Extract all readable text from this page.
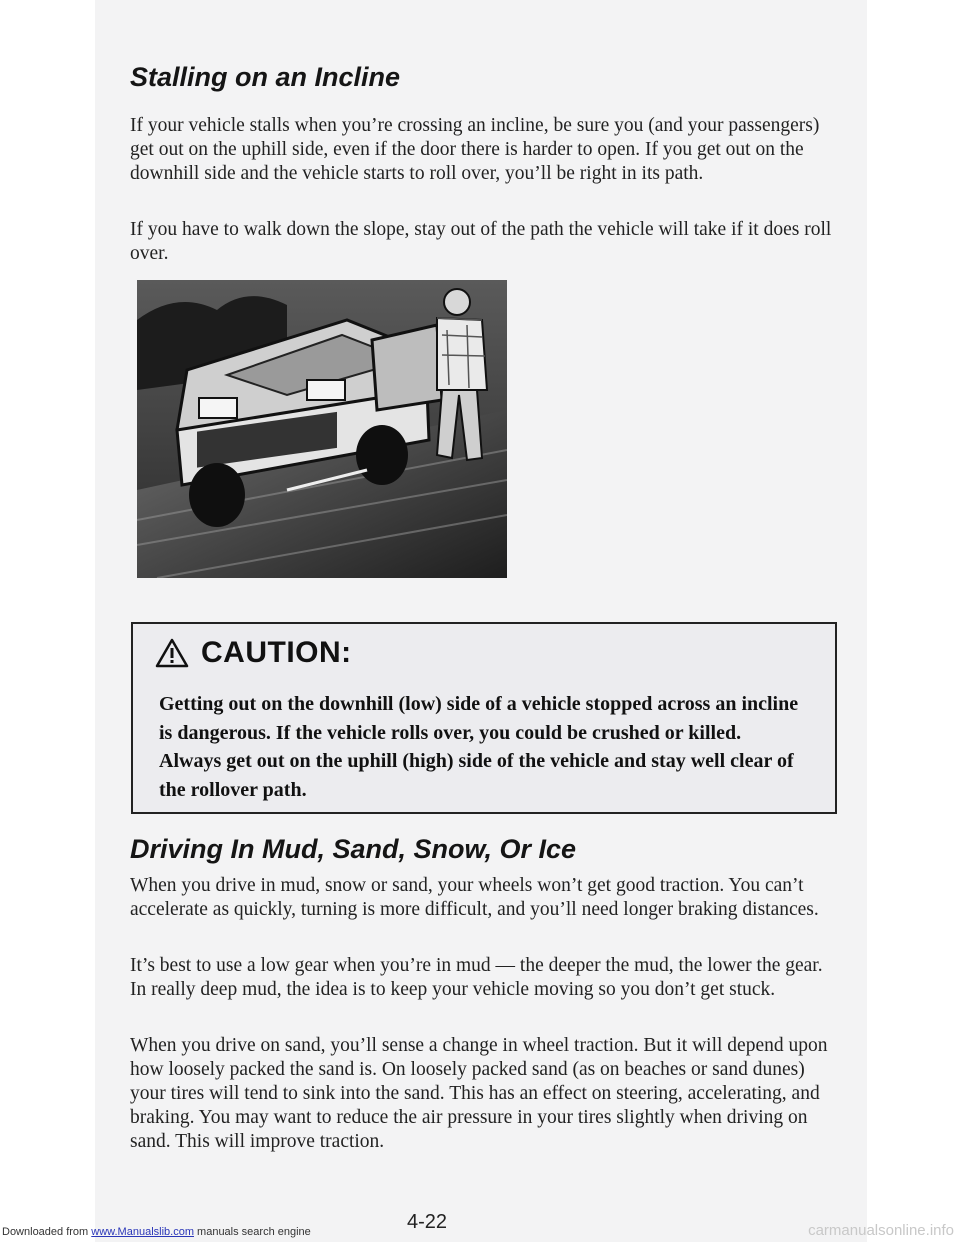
Stalling on an Incline

If your vehicle stalls when you’re crossing an incline, be sure you (and your passengers) get out on the uphill side, even if the door there is harder to open. If you get out on the downhill side and the vehicle starts to roll over, you’ll be right in its path.

If you have to walk down the slope, stay out of the path the vehicle will take if it does roll over.

CAUTION:

Getting out on the downhill (low) side of a vehicle stopped across an incline is dangerous. If the vehicle rolls over, you could be crushed or killed. Always get out on the uphill (high) side of the vehicle and stay well clear of the rollover path.

Driving In Mud, Sand, Snow, Or Ice

When you drive in mud, snow or sand, your wheels won’t get good traction. You can’t accelerate as quickly, turning is more difficult, and you’ll need longer braking distances.

It’s best to use a low gear when you’re in mud — the deeper the mud, the lower the gear. In really deep mud, the idea is to keep your vehicle moving so you don’t get stuck.

When you drive on sand, you’ll sense a change in wheel traction. But it will depend upon how loosely packed the sand is. On loosely packed sand (as on beaches or sand dunes) your tires will tend to sink into the sand. This has an effect on steering, accelerating, and braking. You may want to reduce the air pressure in your tires slightly when driving on sand. This will improve traction.

4-22
Downloaded from www.Manualslib.com manuals search engine	carmanualsonline.info
